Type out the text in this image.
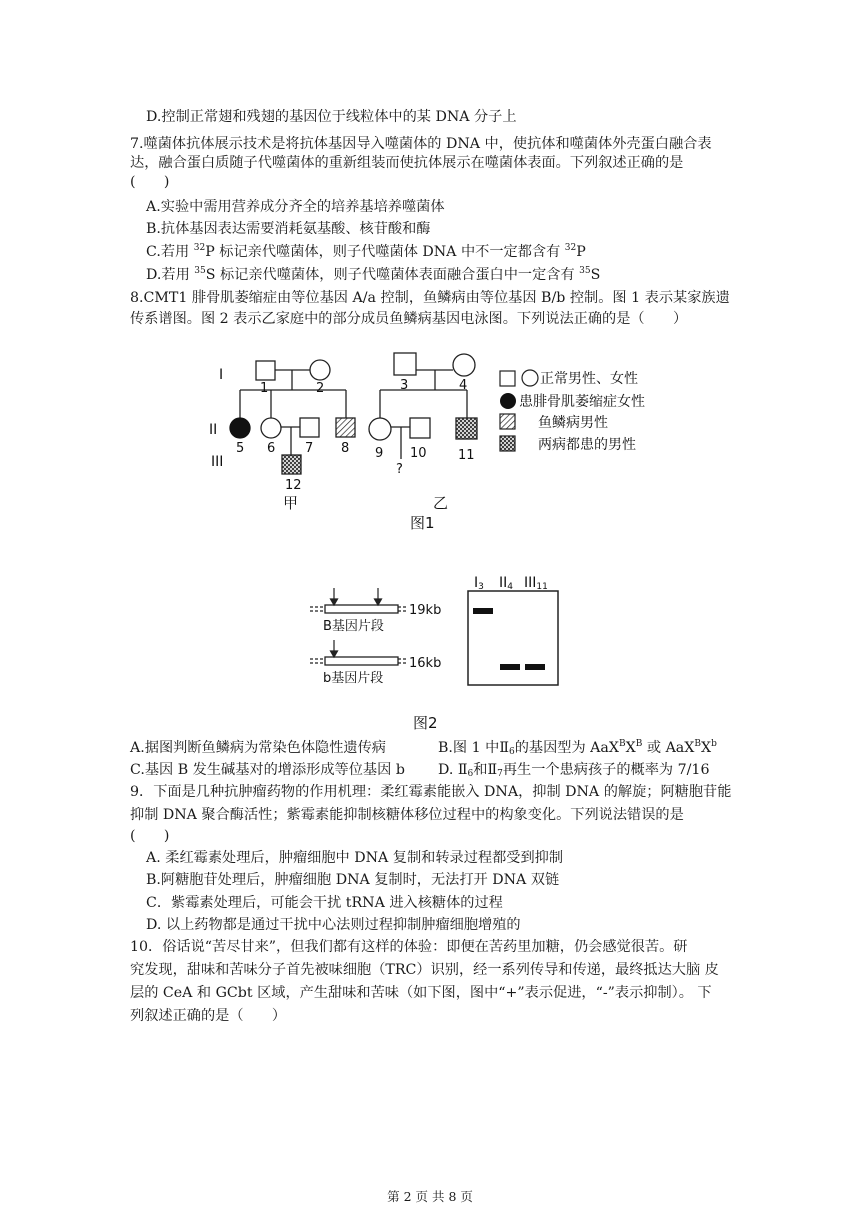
D.控制正常翅和残翅的基因位于线粒体中的某 DNA 分子上
7.噬菌体抗体展示技术是将抗体基因导入噬菌体的 DNA 中，使抗体和噬菌体外壳蛋白融合表
达，融合蛋白质随子代噬菌体的重新组装而使抗体展示在噬菌体表面。下列叙述正确的是
(　　)
A.实验中需用营养成分齐全的培养基培养噬菌体
B.抗体基因表达需要消耗氨基酸、核苷酸和酶
C.若用 $^{32}$P 标记亲代噬菌体，则子代噬菌体 DNA 中不一定都含有 $^{32}$P
D.若用 $^{35}$S 标记亲代噬菌体，则子代噬菌体表面融合蛋白中一定含有 $^{35}$S
8.CMT1 腓骨肌萎缩症由等位基因 A/a 控制，鱼鳞病由等位基因 B/b 控制。图 1 表示某家族遗
传系谱图。图 2 表示乙家庭中的部分成员鱼鳞病基因电泳图。下列说法正确的是（　　）
I
II
III
1	2	3	4
5 6 7 8 9 10 11
12
?
甲	乙
图1
正常男性、女性
患腓骨肌萎缩症女性
鱼鳞病男性
两病都患的男性
19kb
B基因片段
16kb
b基因片段
I3 II4 III11
图2
A.据图判断鱼鳞病为常染色体隐性遗传病	B.图 1 中$Ⅱ_6$的基因型为 $AaX^BX^B$ 或 $AaX^BX^b$
C.基因 B 发生碱基对的增添形成等位基因 b D. $Ⅱ_6$和$Ⅱ_7$再生一个患病孩子的概率为 7/16
9．下面是几种抗肿瘤药物的作用机理：柔红霉素能嵌入 DNA，抑制 DNA 的解旋；阿糖胞苷能
抑制 DNA 聚合酶活性；紫霉素能抑制核糖体移位过程中的构象变化。下列说法错误的是
(　　)
A. 柔红霉素处理后，肿瘤细胞中 DNA 复制和转录过程都受到抑制
B.阿糖胞苷处理后，肿瘤细胞 DNA 复制时，无法打开 DNA 双链
C．紫霉素处理后，可能会干扰 tRNA 进入核糖体的过程
D. 以上药物都是通过干扰中心法则过程抑制肿瘤细胞增殖的
10．俗话说“苦尽甘来”，但我们都有这样的体验：即便在苦药里加糖，仍会感觉很苦。研
究发现，甜味和苦味分子首先被味细胞（TRC）识别，经一系列传导和传递，最终抵达大脑 皮
层的 CeA 和 GCbt 区域，产生甜味和苦味（如下图，图中“+”表示促进，“-”表示抑制）。 下
列叙述正确的是（　　）
第 2 页 共 8 页
